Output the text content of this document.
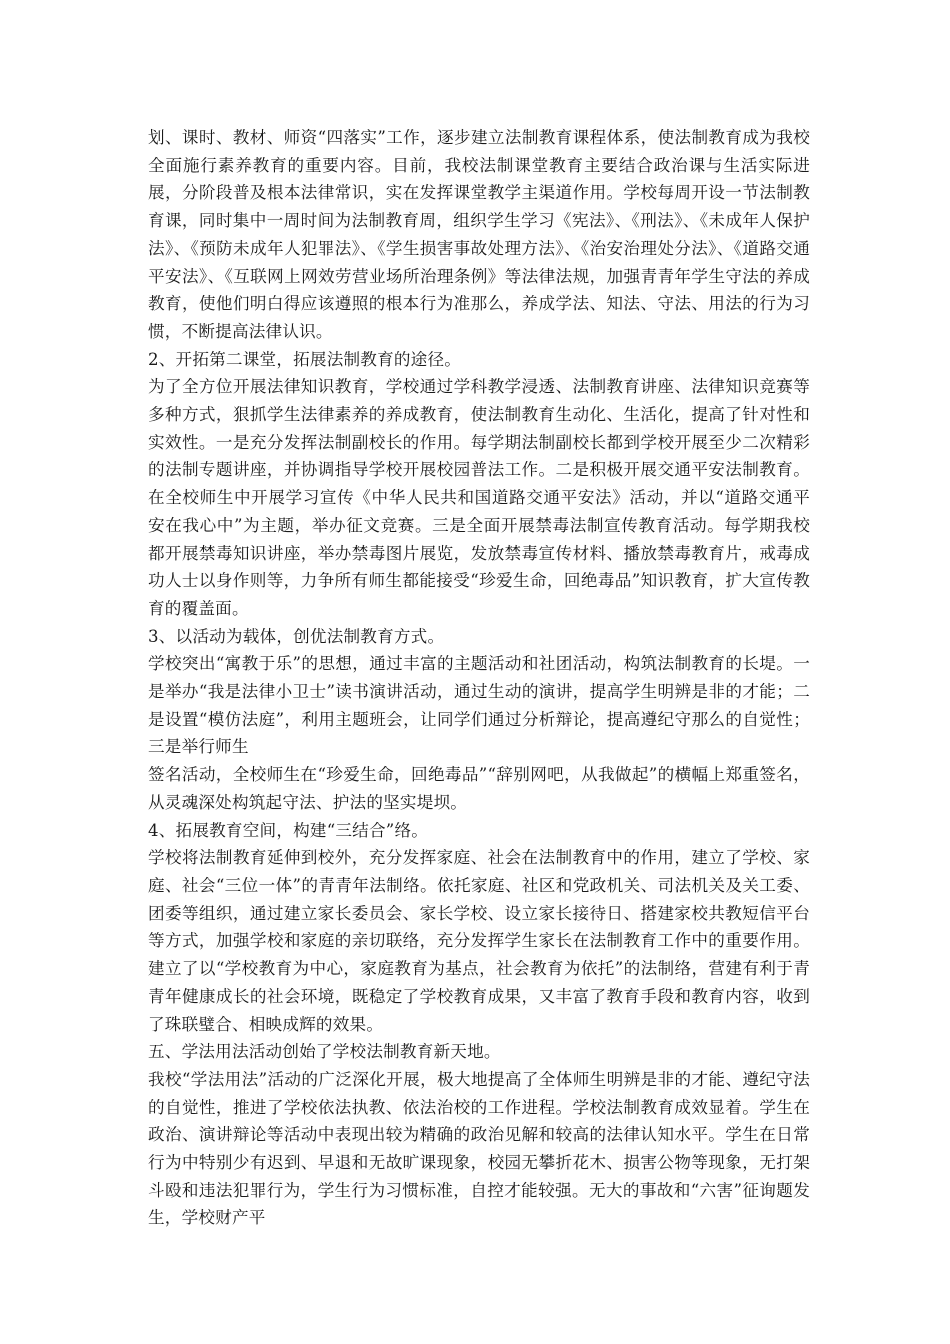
划、课时、教材、师资“四落实”工作，逐步建立法制教育课程体系，使法制教育成为我校全面施行素养教育的重要内容。目前，我校法制课堂教育主要结合政治课与生活实际进展，分阶段普及根本法律常识，实在发挥课堂教学主渠道作用。学校每周开设一节法制教育课，同时集中一周时间为法制教育周，组织学生学习《宪法》、《刑法》、《未成年人保护法》、《预防未成年人犯罪法》、《学生损害事故处理方法》、《治安治理处分法》、《道路交通平安法》、《互联网上网效劳营业场所治理条例》等法律法规，加强青青年学生守法的养成教育，使他们明白得应该遵照的根本行为准那么，养成学法、知法、守法、用法的行为习惯，不断提高法律认识。

2、开拓第二课堂，拓展法制教育的途径。

为了全方位开展法律知识教育，学校通过学科教学浸透、法制教育讲座、法律知识竞赛等多种方式，狠抓学生法律素养的养成教育，使法制教育生动化、生活化，提高了针对性和实效性。一是充分发挥法制副校长的作用。每学期法制副校长都到学校开展至少二次精彩的法制专题讲座，并协调指导学校开展校园普法工作。二是积极开展交通平安法制教育。在全校师生中开展学习宣传《中华人民共和国道路交通平安法》活动，并以“道路交通平安在我心中”为主题，举办征文竞赛。三是全面开展禁毒法制宣传教育活动。每学期我校都开展禁毒知识讲座，举办禁毒图片展览，发放禁毒宣传材料、播放禁毒教育片，戒毒成功人士以身作则等，力争所有师生都能接受“珍爱生命，回绝毒品”知识教育，扩大宣传教育的覆盖面。

3、以活动为载体，创优法制教育方式。

学校突出“寓教于乐”的思想，通过丰富的主题活动和社团活动，构筑法制教育的长堤。一是举办“我是法律小卫士”读书演讲活动，通过生动的演讲，提高学生明辨是非的才能；二是设置“模仿法庭”，利用主题班会，让同学们通过分析辩论，提高遵纪守那么的自觉性；三是举行师生

签名活动，全校师生在“珍爱生命，回绝毒品”“辞别网吧，从我做起”的横幅上郑重签名，从灵魂深处构筑起守法、护法的坚实堤坝。

4、拓展教育空间，构建“三结合”络。

学校将法制教育延伸到校外，充分发挥家庭、社会在法制教育中的作用，建立了学校、家庭、社会“三位一体”的青青年法制络。依托家庭、社区和党政机关、司法机关及关工委、团委等组织，通过建立家长委员会、家长学校、设立家长接待日、搭建家校共教短信平台等方式，加强学校和家庭的亲切联络，充分发挥学生家长在法制教育工作中的重要作用。建立了以“学校教育为中心，家庭教育为基点，社会教育为依托”的法制络，营建有利于青青年健康成长的社会环境，既稳定了学校教育成果，又丰富了教育手段和教育内容，收到了珠联璧合、相映成辉的效果。

五、学法用法活动创始了学校法制教育新天地。

我校“学法用法”活动的广泛深化开展，极大地提高了全体师生明辨是非的才能、遵纪守法的自觉性，推进了学校依法执教、依法治校的工作进程。学校法制教育成效显着。学生在政治、演讲辩论等活动中表现出较为精确的政治见解和较高的法律认知水平。学生在日常行为中特别少有迟到、早退和无故旷课现象，校园无攀折花木、损害公物等现象，无打架斗殴和违法犯罪行为，学生行为习惯标准，自控才能较强。无大的事故和“六害”征询题发生，学校财产平
